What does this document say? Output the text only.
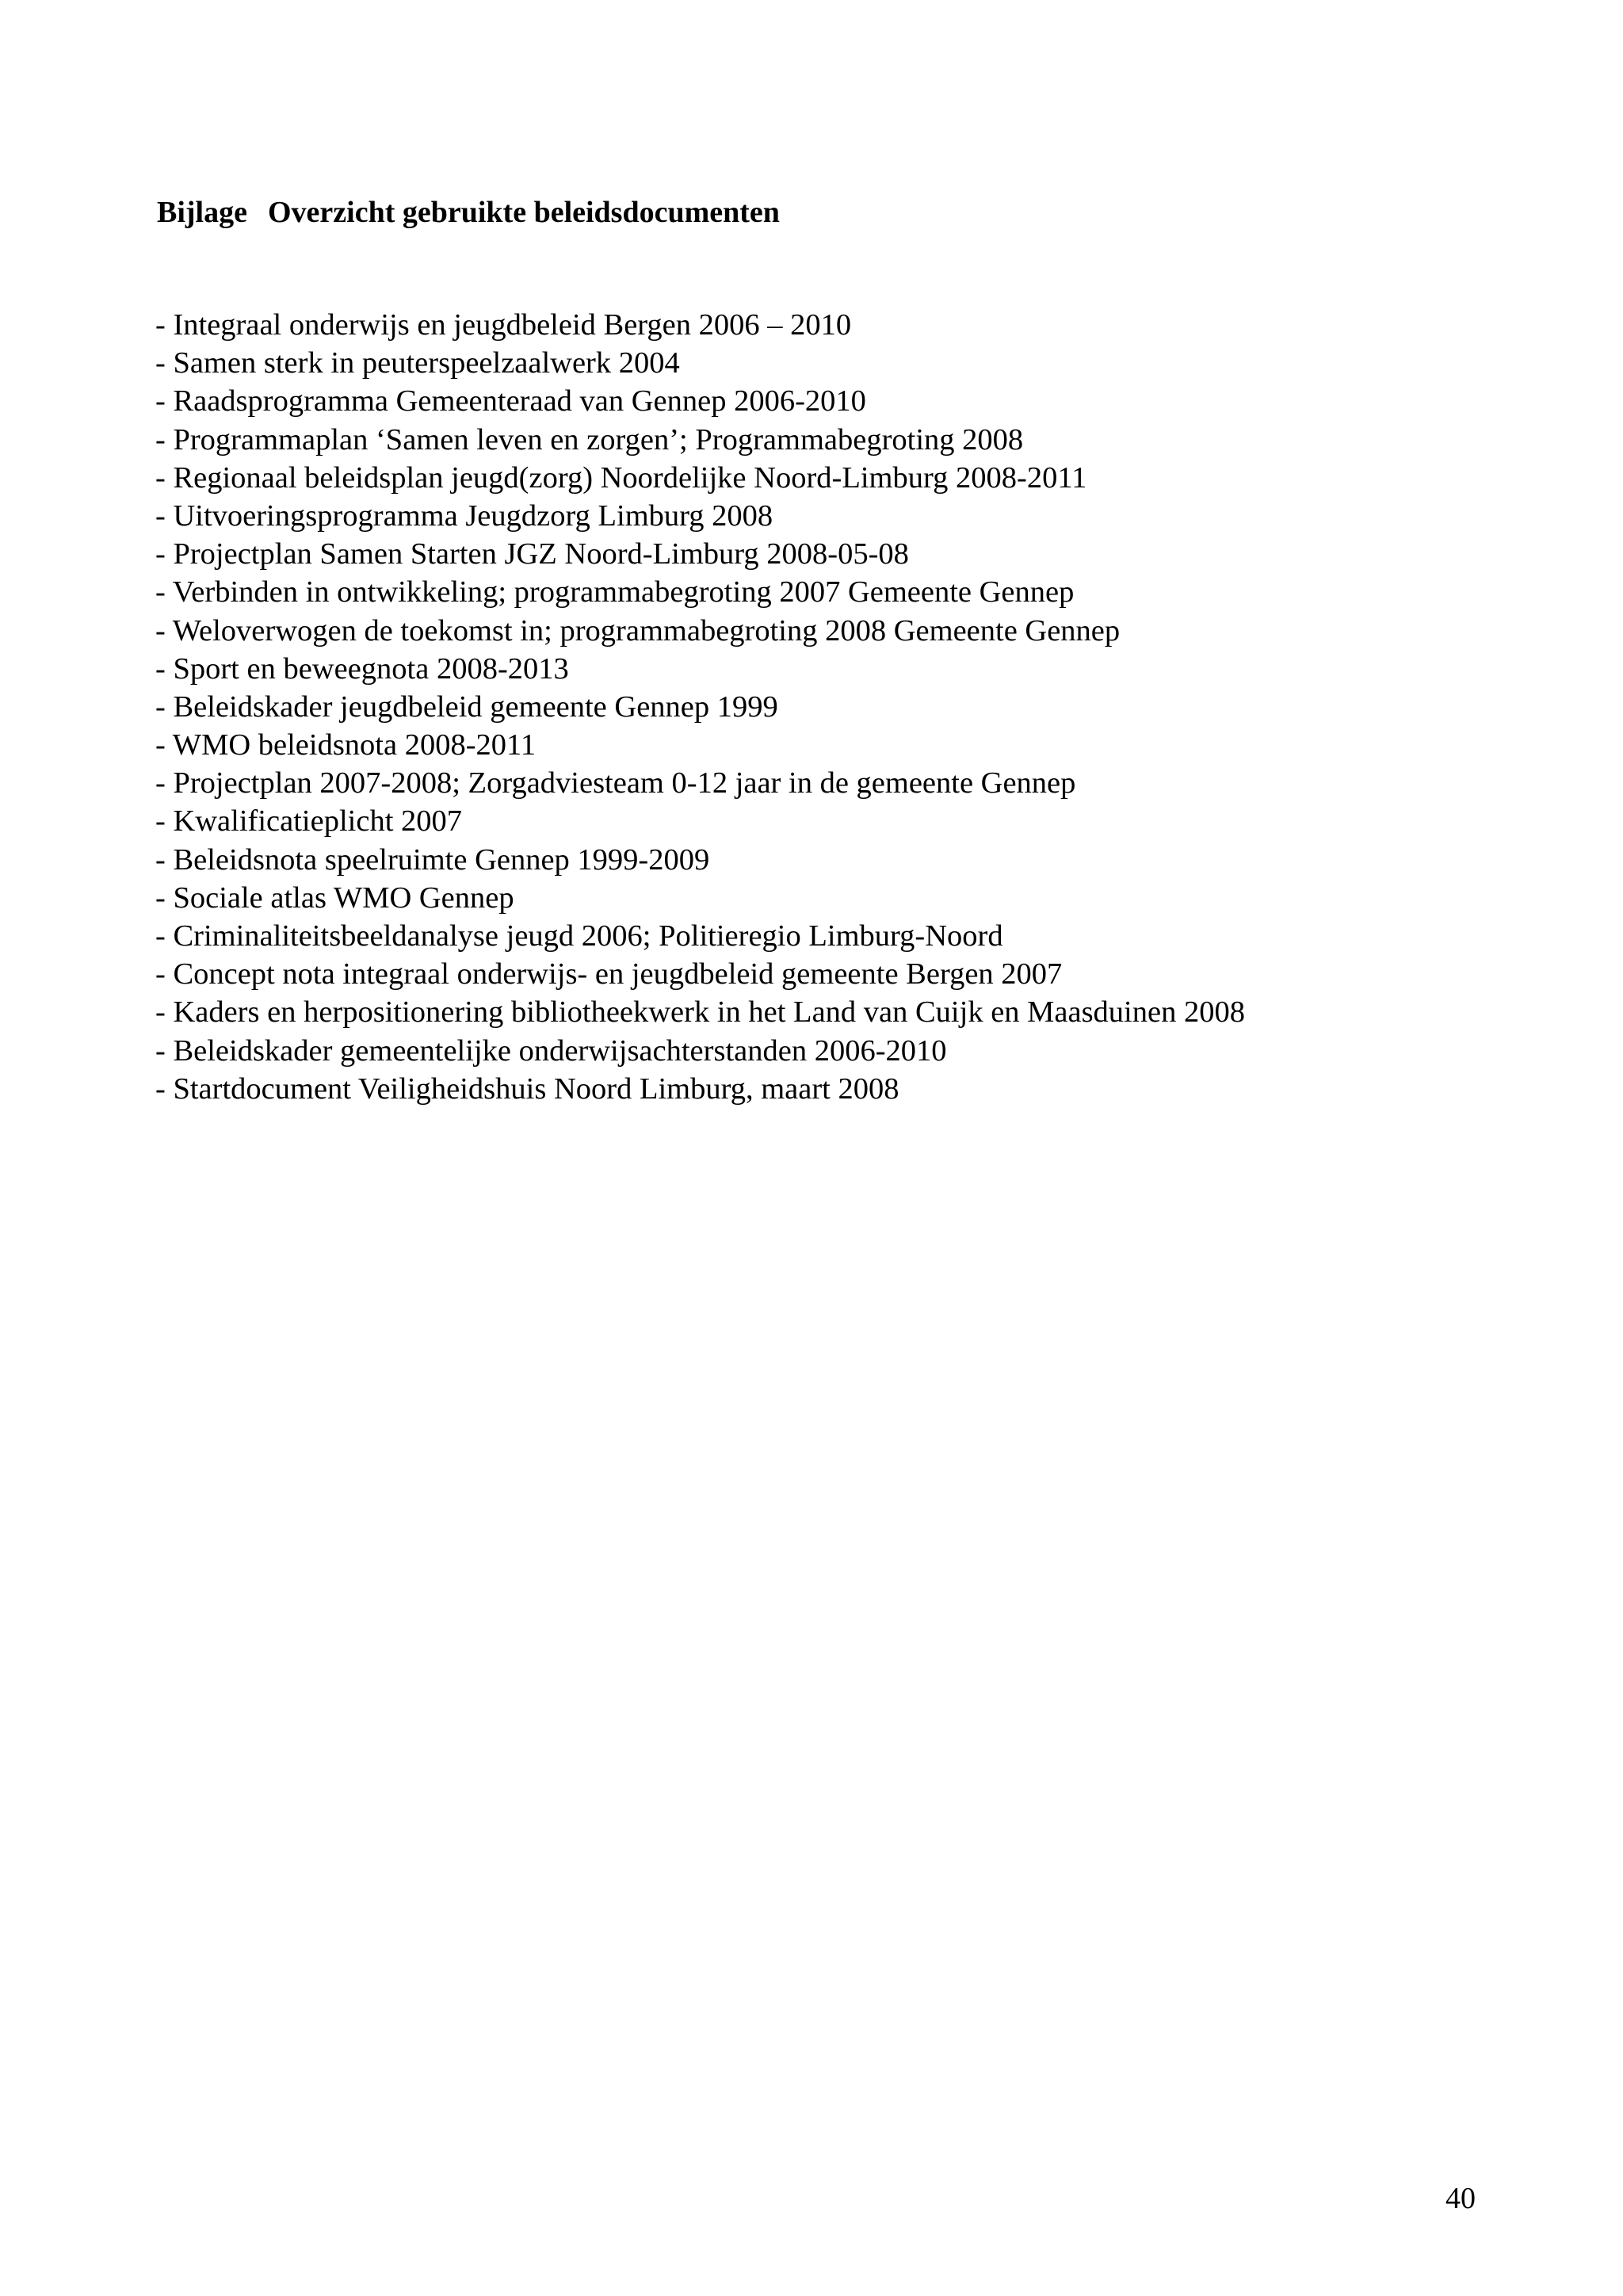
Bijlage Overzicht gebruikte beleidsdocumenten
- Integraal onderwijs en jeugdbeleid Bergen 2006 – 2010
- Samen sterk in peuterspeelzaalwerk 2004
- Raadsprogramma Gemeenteraad van Gennep 2006-2010
- Programmaplan ‘Samen leven en zorgen’; Programmabegroting 2008
- Regionaal beleidsplan jeugd(zorg) Noordelijke Noord-Limburg 2008-2011
- Uitvoeringsprogramma Jeugdzorg Limburg 2008
- Projectplan Samen Starten JGZ Noord-Limburg 2008-05-08
- Verbinden in ontwikkeling; programmabegroting 2007 Gemeente Gennep
- Weloverwogen de toekomst in; programmabegroting 2008 Gemeente Gennep
- Sport en beweegnota 2008-2013
- Beleidskader jeugdbeleid gemeente Gennep 1999
- WMO beleidsnota 2008-2011
- Projectplan 2007-2008; Zorgadviesteam 0-12 jaar in de gemeente Gennep
- Kwalificatieplicht 2007
- Beleidsnota speelruimte Gennep 1999-2009
- Sociale atlas WMO Gennep
- Criminaliteitsbeeldanalyse jeugd 2006; Politieregio Limburg-Noord
- Concept nota integraal onderwijs- en jeugdbeleid gemeente Bergen 2007
- Kaders en herpositionering bibliotheekwerk in het Land van Cuijk en Maasduinen 2008
- Beleidskader gemeentelijke onderwijsachterstanden 2006-2010
- Startdocument Veiligheidshuis Noord Limburg, maart 2008
40
